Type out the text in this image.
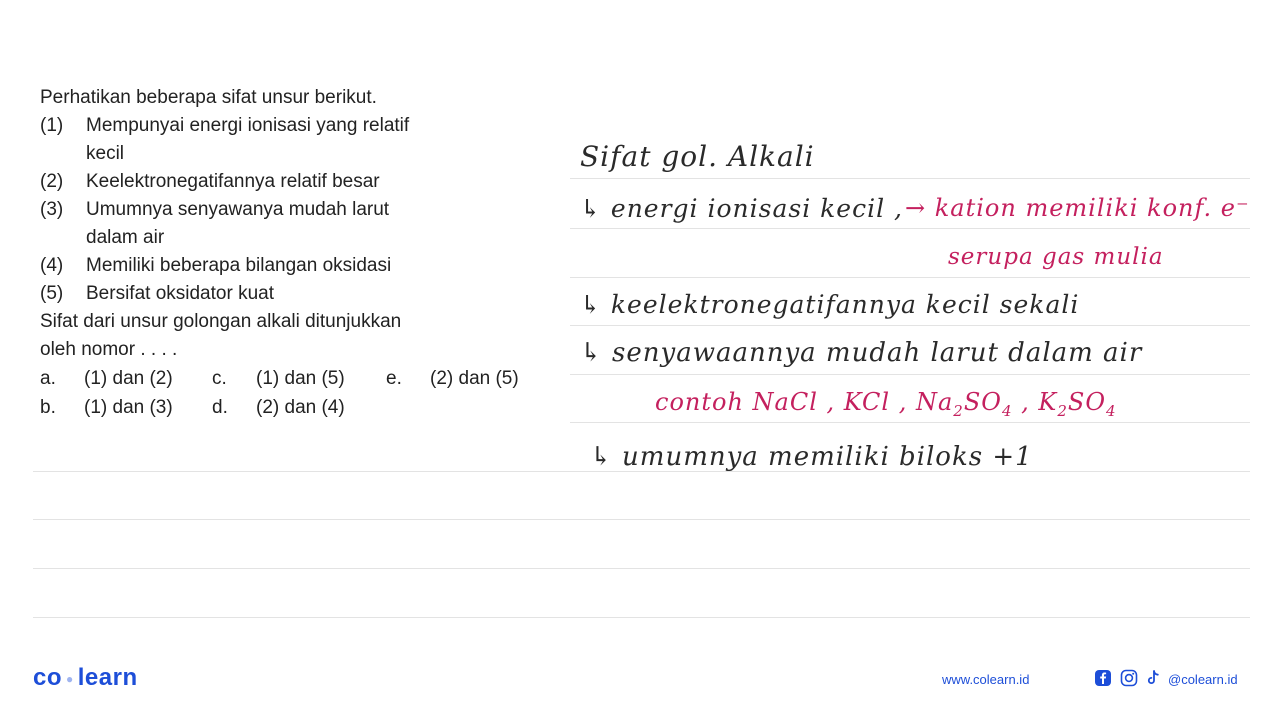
Perhatikan beberapa sifat unsur berikut.
(1)	Mempunyai energi ionisasi yang relatif
kecil
(2)	Keelektronegatifannya relatif besar
(3)	Umumnya senyawanya mudah larut
dalam air
(4)	Memiliki beberapa bilangan oksidasi
(5)	Bersifat oksidator kuat
Sifat dari unsur golongan alkali ditunjukkan
oleh nomor . . . .
a.	(1) dan (2) c.	(1) dan (5) e.	(2) dan (5)
b.	(1) dan (3) d.	(2) dan (4)
Sifat gol. Alkali
↳ energi ionisasi kecil , → kation memiliki konf. e⁻
serupa gas mulia
↳ keelektronegatifannya kecil sekali
↳ senyawaannya mudah larut dalam air
contoh NaCl , KCl , $Na_2SO_4$ , $K_2SO_4$
↳ umumnya memiliki biloks +1
co ● learn	www.colearn.id	@colearn.id
